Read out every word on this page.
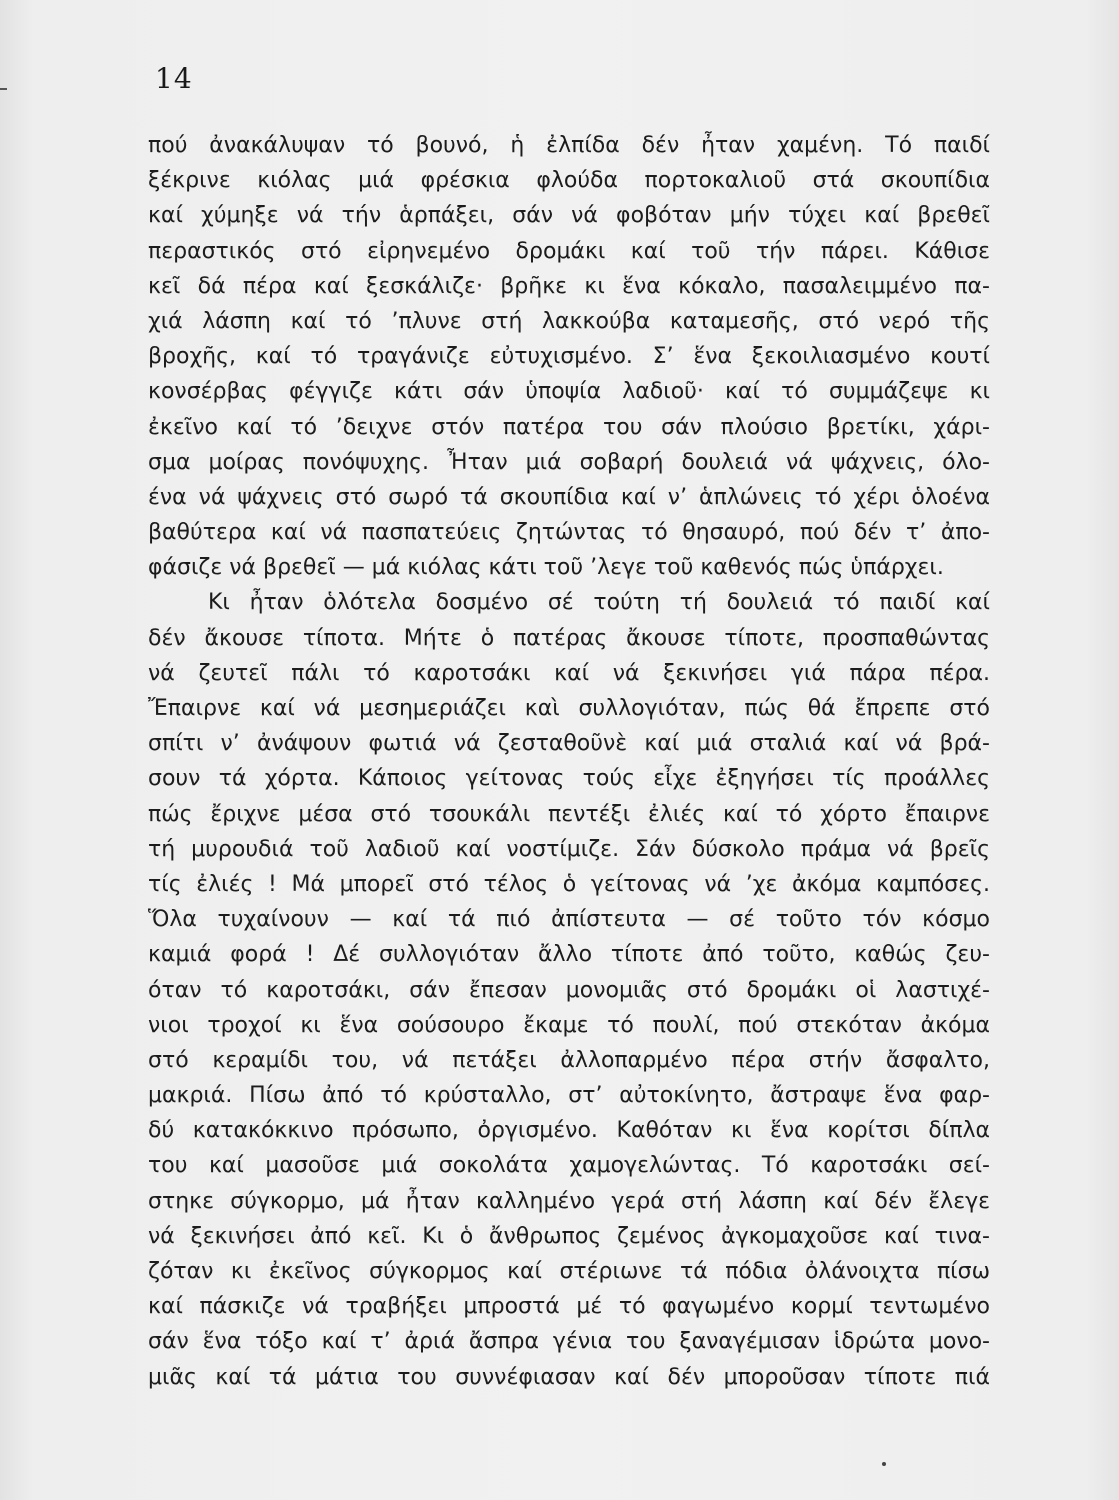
14
πού ἀνακάλυψαν τό βουνό, ἡ ἐλπίδα δέν ἦταν χαμένη. Τό παιδί
ξέκρινε κιόλας μιά φρέσκια φλούδα πορτοκαλιοῦ στά σκουπίδια
καί χύμηξε νά τήν ἁρπάξει, σάν νά φοβόταν μήν τύχει καί βρεθεῖ
περαστικός στό εἰρηνεμένο δρομάκι καί τοῦ τήν πάρει. Κάθισε
κεῖ δά πέρα καί ξεσκάλιζε· βρῆκε κι ἕνα κόκαλο, πασαλειμμένο πα-
χιά λάσπη καί τό ’πλυνε στή λακκούβα καταμεσῆς, στό νερό τῆς
βροχῆς, καί τό τραγάνιζε εὐτυχισμένο. Σ’ ἕνα ξεκοιλιασμένο κουτί
κονσέρβας φέγγιζε κάτι σάν ὑποψία λαδιοῦ· καί τό συμμάζεψε κι
ἐκεῖνο καί τό ’δειχνε στόν πατέρα του σάν πλούσιο βρετίκι, χάρι-
σμα μοίρας πονόψυχης. Ἦταν μιά σοβαρή δουλειά νά ψάχνεις, όλο-
ένα νά ψάχνεις στό σωρό τά σκουπίδια καί ν’ ἁπλώνεις τό χέρι ὁλοένα
βαθύτερα καί νά πασπατεύεις ζητώντας τό θησαυρό, πού δέν τ’ ἀπο-
φάσιζε νά βρεθεῖ — μά κιόλας κάτι τοῦ ’λεγε τοῦ καθενός πώς ὑπάρχει.
Κι ἦταν ὁλότελα δοσμένο σέ τούτη τή δουλειά τό παιδί καί
δέν ἄκουσε τίποτα. Μήτε ὁ πατέρας ἄκουσε τίποτε, προσπαθώντας
νά ζευτεῖ πάλι τό καροτσάκι καί νά ξεκινήσει γιά πάρα πέρα.
Ἔπαιρνε καί νά μεσημεριάζει καὶ συλλογιόταν, πώς θά ἔπρεπε στό
σπίτι ν’ ἀνάψουν φωτιά νά ζεσταθοῦνὲ καί μιά σταλιά καί νά βρά-
σουν τά χόρτα. Κάποιος γείτονας τούς εἶχε ἐξηγήσει τίς προάλλες
πώς ἔριχνε μέσα στό τσουκάλι πεντέξι ἐλιές καί τό χόρτο ἔπαιρνε
τή μυρουδιά τοῦ λαδιοῦ καί νοστίμιζε. Σάν δύσκολο πράμα νά βρεῖς
τίς ἐλιές ! Μά μπορεῖ στό τέλος ὁ γείτονας νά ’χε ἀκόμα καμπόσες.
Ὅλα τυχαίνουν — καί τά πιό ἀπίστευτα — σέ τοῦτο τόν κόσμο
καμιά φορά ! Δέ συλλογιόταν ἄλλο τίποτε ἀπό τοῦτο, καθώς ζευ-
όταν τό καροτσάκι, σάν ἔπεσαν μονομιᾶς στό δρομάκι οἱ λαστιχέ-
νιοι τροχοί κι ἕνα σούσουρο ἔκαμε τό πουλί, πού στεκόταν ἀκόμα
στό κεραμίδι του, νά πετάξει ἀλλοπαρμένο πέρα στήν ἄσφαλτο,
μακριά. Πίσω ἀπό τό κρύσταλλο, στ’ αὐτοκίνητο, ἄστραψε ἕνα φαρ-
δύ κατακόκκινο πρόσωπο, ὀργισμένο. Καθόταν κι ἕνα κορίτσι δίπλα
του καί μασοῦσε μιά σοκολάτα χαμογελώντας. Τό καροτσάκι σεί-
στηκε σύγκορμο, μά ἦταν καλλημένο γερά στή λάσπη καί δέν ἔλεγε
νά ξεκινήσει ἀπό κεῖ. Κι ὁ ἄνθρωπος ζεμένος ἀγκομαχοῦσε καί τινα-
ζόταν κι ἐκεῖνος σύγκορμος καί στέριωνε τά πόδια ὀλάνοιχτα πίσω
καί πάσκιζε νά τραβήξει μπροστά μέ τό φαγωμένο κορμί τεντωμένο
σάν ἕνα τόξο καί τ’ ἀριά ἄσπρα γένια του ξαναγέμισαν ἱδρώτα μονο-
μιᾶς καί τά μάτια του συννέφιασαν καί δέν μποροῦσαν τίποτε πιά
